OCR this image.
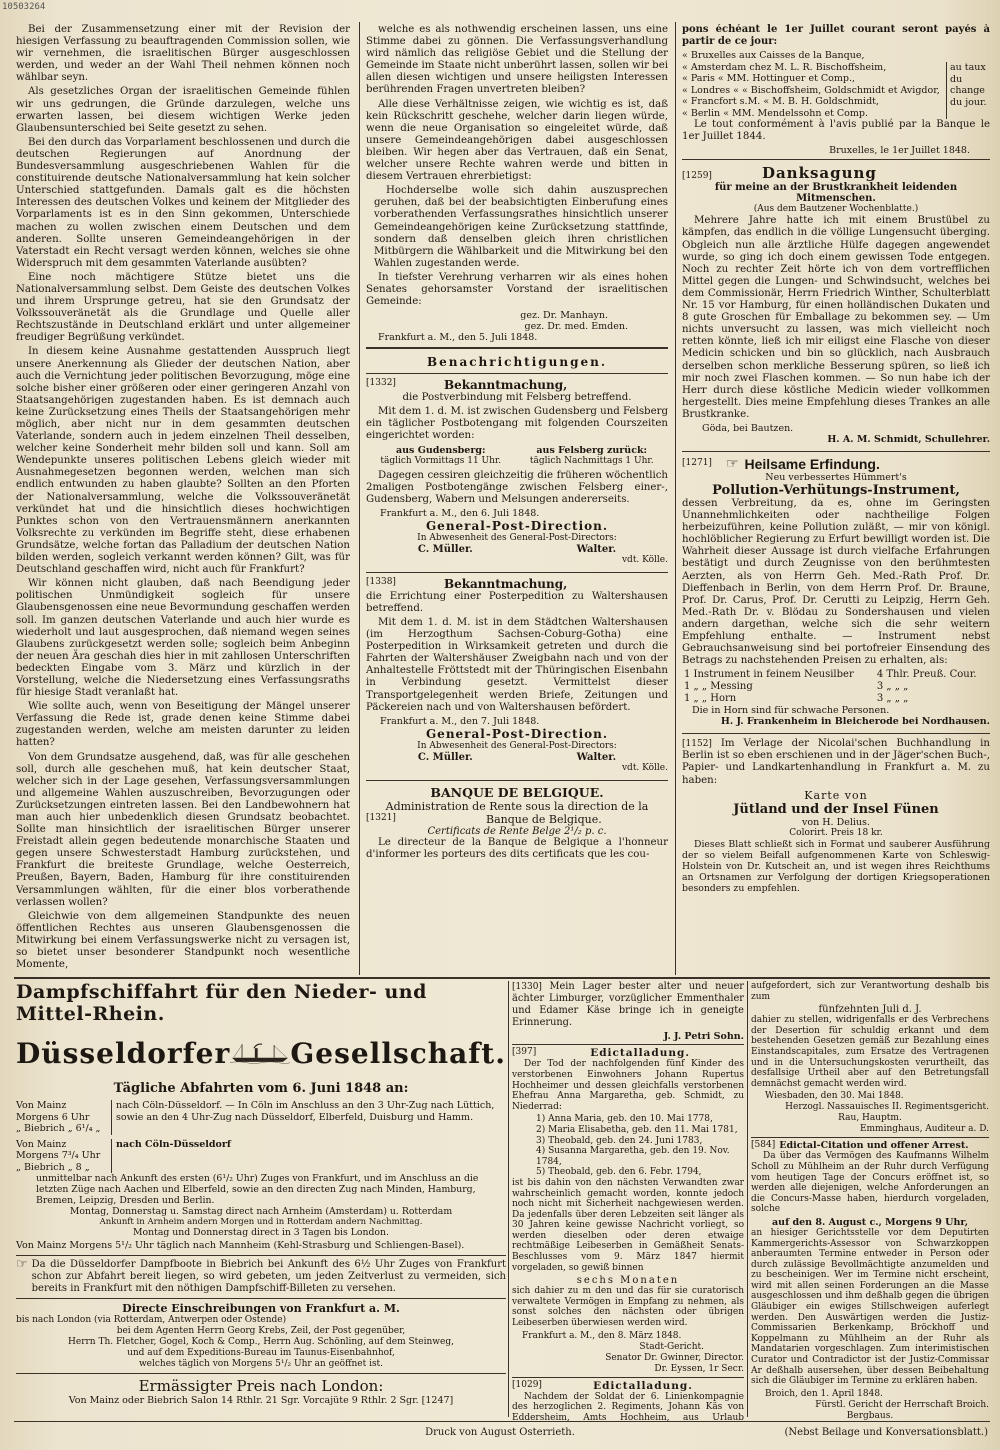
10503264

Bei der Zusammensetzung einer mit der Revision der hiesigen Verfassung zu beauftragenden Commission sollen, wie wir vernehmen, die israelitischen Bürger ausgeschlossen werden, und weder an der Wahl Theil nehmen können noch wählbar seyn.

Als gesetzliches Organ der israelitischen Gemeinde fühlen wir uns gedrungen, die Gründe darzulegen, welche uns erwarten lassen, bei diesem wichtigen Werke jeden Glaubensunterschied bei Seite gesetzt zu sehen.

Bei den durch das Vorparlament beschlossenen und durch die deutschen Regierungen auf Anordnung der Bundesversammlung ausgeschriebenen Wahlen für die constituirende deutsche Nationalversammlung hat kein solcher Unterschied stattgefunden. Damals galt es die höchsten Interessen des deutschen Volkes und keinem der Mitglieder des Vorparlaments ist es in den Sinn gekommen, Unterschiede machen zu wollen zwischen einem Deutschen und dem anderen. Sollte unseren Gemeindeangehörigen in der Vaterstadt ein Recht versagt werden können, welches sie ohne Widerspruch mit dem gesammten Vaterlande ausübten?

Eine noch mächtigere Stütze bietet uns die Nationalversammlung selbst. Dem Geiste des deutschen Volkes und ihrem Ursprunge getreu, hat sie den Grundsatz der Volkssouveränetät als die Grundlage und Quelle aller Rechtszustände in Deutschland erklärt und unter allgemeiner freudiger Begrüßung verkündet.

In diesem keine Ausnahme gestattenden Ausspruch liegt unsere Anerkennung als Glieder der deutschen Nation, aber auch die Vernichtung jeder politischen Bevorzugung, möge eine solche bisher einer größeren oder einer geringeren Anzahl von Staatsangehörigen zugestanden haben. Es ist demnach auch keine Zurücksetzung eines Theils der Staatsangehörigen mehr möglich, aber nicht nur in dem gesammten deutschen Vaterlande, sondern auch in jedem einzelnen Theil desselben, welcher keine Sonderheit mehr bilden soll und kann. Soll am Wendepunkte unseres politischen Lebens gleich wieder mit Ausnahmegesetzen begonnen werden, welchen man sich endlich entwunden zu haben glaubte? Sollten an den Pforten der Nationalversammlung, welche die Volkssouveränetät verkündet hat und die hinsichtlich dieses hochwichtigen Punktes schon von den Vertrauensmännern anerkannten Volksrechte zu verkünden im Begriffe steht, diese erhabenen Grundsätze, welche fortan das Palladium der deutschen Nation bilden werden, sogleich verkannt werden können? Gilt, was für Deutschland geschaffen wird, nicht auch für Frankfurt?

Wir können nicht glauben, daß nach Beendigung jeder politischen Unmündigkeit sogleich für unsere Glaubensgenossen eine neue Bevormundung geschaffen werden soll. Im ganzen deutschen Vaterlande und auch hier wurde es wiederholt und laut ausgesprochen, daß niemand wegen seines Glaubens zurückgesetzt werden solle; sogleich beim Anbeginn der neuen Ära geschah dies hier in mit zahllosen Unterschriften bedeckten Eingabe vom 3. März und kürzlich in der Vorstellung, welche die Niedersetzung eines Verfassungsraths für hiesige Stadt veranlaßt hat.

Wie sollte auch, wenn von Beseitigung der Mängel unserer Verfassung die Rede ist, grade denen keine Stimme dabei zugestanden werden, welche am meisten darunter zu leiden hatten?

Von dem Grundsatze ausgehend, daß, was für alle geschehen soll, durch alle geschehen muß, hat kein deutscher Staat, welcher sich in der Lage gesehen, Verfassungsversammlungen und allgemeine Wahlen auszuschreiben, Bevorzugungen oder Zurücksetzungen eintreten lassen. Bei den Landbewohnern hat man auch hier unbedenklich diesen Grundsatz beobachtet. Sollte man hinsichtlich der israelitischen Bürger unserer Freistadt allein gegen bedeutende monarchische Staaten und gegen unsere Schwesterstadt Hamburg zurückstehen, und Frankfurt die breiteste Grundlage, welche Oesterreich, Preußen, Bayern, Baden, Hamburg für ihre constituirenden Versammlungen wählten, für die einer blos vorberathende verlassen wollen?

Gleichwie von dem allgemeinen Standpunkte des neuen öffentlichen Rechtes aus unseren Glaubensgenossen die Mitwirkung bei einem Verfassungswerke nicht zu versagen ist, so bietet unser besonderer Standpunkt noch wesentliche Momente,

welche es als nothwendig erscheinen lassen, uns eine Stimme dabei zu gönnen. Die Verfassungsverhandlung wird nämlich das religiöse Gebiet und die Stellung der Gemeinde im Staate nicht unberührt lassen, sollen wir bei allen diesen wichtigen und unsere heiligsten Interessen berührenden Fragen unvertreten bleiben?

Alle diese Verhältnisse zeigen, wie wichtig es ist, daß kein Rückschritt geschehe, welcher darin liegen würde, wenn die neue Organisation so eingeleitet würde, daß unsere Gemeindeangehörigen dabei ausgeschlossen bleiben. Wir hegen aber das Vertrauen, daß ein Senat, welcher unsere Rechte wahren werde und bitten in diesem Vertrauen ehrerbietigst:

Hochderselbe wolle sich dahin auszusprechen geruhen, daß bei der beabsichtigten Einberufung eines vorberathenden Verfassungsrathes hinsichtlich unserer Gemeindeangehörigen keine Zurücksetzung stattfinde, sondern daß denselben gleich ihren christlichen Mitbürgern die Wählbarkeit und die Mitwirkung bei den Wahlen zugestanden werde.

In tiefster Verehrung verharren wir als eines hohen Senates gehorsamster Vorstand der israelitischen Gemeinde:

gez. Dr. Manhayn.
gez. Dr. med. Emden.
Frankfurt a. M., den 5. Juli 1848.
Benachrichtigungen.
[1332]	Bekanntmachung,
die Postverbindung mit Felsberg betreffend.

Mit dem 1. d. M. ist zwischen Gudensberg und Felsberg ein täglicher Postbotengang mit folgenden Courszeiten eingerichtet worden:

aus Gudensberg:
täglich Vormittags 11 Uhr.
aus Felsberg zurück:
täglich Nachmittags 1 Uhr.

Dagegen cessiren gleichzeitig die früheren wöchentlich 2maligen Postbotengänge zwischen Felsberg einer-, Gudensberg, Wabern und Melsungen andererseits.

Frankfurt a. M., den 6. Juli 1848.
General-Post-Direction.
In Abwesenheit des General-Post-Directors:
C. Müller.	Walter.
vdt. Kölle.
[1338]	Bekanntmachung,
die Errichtung einer Posterpedition zu Waltershausen betreffend.

Mit dem 1. d. M. ist in dem Städtchen Waltershausen (im Herzogthum Sachsen-Coburg-Gotha) eine Posterpedition in Wirksamkeit getreten und durch die Fahrten der Waltershäuser Zweigbahn nach und von der Anhaltestelle Fröttstedt mit der Thüringischen Eisenbahn in Verbindung gesetzt. Vermittelst dieser Transportgelegenheit werden Briefe, Zeitungen und Päckereien nach und von Waltershausen befördert.

Frankfurt a. M., den 7. Juli 1848.
General-Post-Direction.
In Abwesenheit des General-Post-Directors:
C. Müller.	Walter.
vdt. Kölle.
BANQUE DE BELGIQUE.
Administration de Rente sous la direction de la
[1321]	Banque de Belgique.
Certificats de Rente Belge 2¹/₂ p. c.

Le directeur de la Banque de Belgique a l'honneur d'informer les porteurs des dits certificats que les cou-

pons échéant le 1er Juillet courant seront payés à partir de ce jour:

« Bruxelles aux Caisses de la Banque,
« Amsterdam chez M. L. R. Bischoffsheim,
« Paris « MM. Hottinguer et Comp.,
« Londres « « Bischoffsheim, Goldschmidt et Avigdor,
« Francfort s.M. « M. B. H. Goldschmidt,
« Berlin « MM. Mendelssohn et Comp.
au taux du change du jour.

Le tout conformément à l'avis publié par la Banque le 1er Juillet 1844.

Bruxelles, le 1er Juillet 1848.
[1259]	Danksagung
für meine an der Brustkrankheit leidenden Mitmenschen.
(Aus dem Bautzener Wochenblatte.)

Mehrere Jahre hatte ich mit einem Brustübel zu kämpfen, das endlich in die völlige Lungensucht überging. Obgleich nun alle ärztliche Hülfe dagegen angewendet wurde, so ging ich doch einem gewissen Tode entgegen. Noch zu rechter Zeit hörte ich von dem vortrefflichen Mittel gegen die Lungen- und Schwindsucht, welches bei dem Commissionär, Herrn Friedrich Winther, Schulterblatt Nr. 15 vor Hamburg, für einen holländischen Dukaten und 8 gute Groschen für Emballage zu bekommen sey. — Um nichts unversucht zu lassen, was mich vielleicht noch retten könnte, ließ ich mir eiligst eine Flasche von dieser Medicin schicken und bin so glücklich, nach Ausbrauch derselben schon merkliche Besserung spüren, so ließ ich mir noch zwei Flaschen kommen. — So nun habe ich der Herr durch diese köstliche Medicin wieder vollkommen hergestellt. Dies meine Empfehlung dieses Trankes an alle Brustkranke.

Göda, bei Bautzen.
H. A. M. Schmidt, Schullehrer.
[1271] ☞ Heilsame Erfindung.
Neu verbessertes Hümmert's
Pollution-Verhütungs-Instrument,

dessen Verbreitung, da es, ohne im Geringsten Unannehmlichkeiten oder nachtheilige Folgen herbeizuführen, keine Pollution zuläßt, — mir von königl. hochlöblicher Regierung zu Erfurt bewilligt worden ist. Die Wahrheit dieser Aussage ist durch vielfache Erfahrungen bestätigt und durch Zeugnisse von den berühmtesten Aerzten, als von Herrn Geh. Med.-Rath Prof. Dr. Dieffenbach in Berlin, von dem Herrn Prof. Dr. Braune, Prof. Dr. Carus, Prof. Dr. Cerutti zu Leipzig, Herrn Geh. Med.-Rath Dr. v. Blödau zu Sondershausen und vielen andern dargethan, welche sich die sehr weitern Empfehlung enthalte. — Instrument nebst Gebrauchsanweisung sind bei portofreier Einsendung des Betrags zu nachstehenden Preisen zu erhalten, als:

1 Instrument in feinem Neusilber	4 Thlr. Preuß. Cour.
1 „ „ Messing	3 „ „ „
1 „ „ Horn	3 „ „ „
Die in Horn sind für schwache Personen.
H. J. Frankenheim in Bleicherode bei Nordhausen.

[1152] Im Verlage der Nicolai'schen Buchhandlung in Berlin ist so eben erschienen und in der Jäger'schen Buch-, Papier- und Landkartenhandlung in Frankfurt a. M. zu haben:

Karte von
Jütland und der Insel Fünen
von H. Delius.
Colorirt. Preis 18 kr.

Dieses Blatt schließt sich in Format und sauberer Ausführung der so vielem Beifall aufgenommenen Karte von Schleswig-Holstein von Dr. Kutscheit an, und ist wegen ihres Reichthums an Ortsnamen zur Verfolgung der dortigen Kriegsoperationen besonders zu empfehlen.

Dampfschiffahrt für den Nieder- und Mittel-Rhein.
Düsseldorfer Gesellschaft.
Tägliche Abfahrten vom 6. Juni 1848 an:
Von Mainz Morgens 6 Uhr
„ Biebrich „ 6¹/₄ „
nach Cöln-Düsseldorf. — In Cöln im Anschluss an den 3 Uhr-Zug nach Lüttich, sowie an den 4 Uhr-Zug nach Düsseldorf, Elberfeld, Duisburg und Hamm.
Von Mainz Morgens 7³/₄ Uhr
„ Biebrich „ 8 „
nach Cöln-Düsseldorf
unmittelbar nach Ankunft des ersten (6¹/₂ Uhr) Zuges von Frankfurt, und im Anschluss an die letzten Züge nach Aachen und Elberfeld, sowie an den directen Zug nach Minden, Hamburg, Bremen, Leipzig, Dresden und Berlin.
Montag, Donnerstag u. Samstag direct nach Arnheim (Amsterdam) u. Rotterdam
Ankunft in Arnheim andern Morgen und in Rotterdam andern Nachmittag.
Montag und Donnerstag direct in 3 Tagen bis London.
Von Mainz Morgens 5¹/₂ Uhr täglich nach Mannheim (Kehl-Strasburg und Schliengen-Basel).
☞ Da die Düsseldorfer Dampfboote in Biebrich bei Ankunft des 6½ Uhr Zuges von Frankfurt schon zur Abfahrt bereit liegen, so wird gebeten, um jeden Zeitverlust zu vermeiden, sich bereits in Frankfurt mit den nöthigen Dampfschiff-Billeten zu versehen.
Directe Einschreibungen von Frankfurt a. M.
bis nach London (via Rotterdam, Antwerpen oder Ostende)
bei dem Agenten Herrn Georg Krebs, Zeil, der Post gegenüber,
Herrn Th. Fletcher, Gogel, Koch & Comp., Herrn Aug. Schönling, auf dem Steinweg,
und auf dem Expeditions-Bureau im Taunus-Eisenbahnhof,
welches täglich von Morgens 5¹/₂ Uhr an geöffnet ist.
Ermässigter Preis nach London:
Von Mainz oder Biebrich Salon 14 Rthlr. 21 Sgr. Vorcajüte 9 Rthlr. 2 Sgr. [1247]

[1330] Mein Lager bester alter und neuer ächter Limburger, vorzüglicher Emmenthaler und Edamer Käse bringe ich in geneigte Erinnerung.

J. J. Petri Sohn.
[397]	Edictalladung.

Der Tod der nachfolgenden fünf Kinder des verstorbenen Einwohners Johann Rupertus Hochheimer und dessen gleichfalls verstorbenen Ehefrau Anna Margaretha, geb. Schmidt, zu Niederrad:

1) Anna Maria, geb. den 10. Mai 1778,
2) Maria Elisabetha, geb. den 11. Mai 1781,
3) Theobald, geb. den 24. Juni 1783,
4) Susanna Margaretha, geb. den 19. Nov. 1784,
5) Theobald, geb. den 6. Febr. 1794,

ist bis dahin von den nächsten Verwandten zwar wahrscheinlich gemacht worden, konnte jedoch noch nicht mit Sicherheit nachgewiesen werden. Da jedenfalls über deren Lebzeiten seit länger als 30 Jahren keine gewisse Nachricht vorliegt, so werden dieselben oder deren etwaige rechtmäßige Leibeserben in Gemäßheit Senats-Beschlusses vom 9. März 1847 hiermit vorgeladen, so gewiß binnen

sechs Monaten

sich dahier zu m den und das für sie curatorisch verwaltete Vermögen in Empfang zu nehmen, als sonst solches den nächsten oder übrigen Leibeserben überwiesen werden wird.

Frankfurt a. M., den 8. März 1848.
Stadt-Gericht.
Senator Dr. Gwinner, Director.
Dr. Eyssen, 1r Secr.
[1029]	Edictalladung.

Nachdem der Soldat der 6. Linienkompagnie des herzoglichen 2. Regiments, Johann Käs von Eddersheim, Amts Hochheim, aus Urlaub

aufgefordert, sich zur Verantwortung deshalb bis zum

fünfzehnten Juli d. J.

dahier zu stellen, widrigenfalls er des Verbrechens der Desertion für schuldig erkannt und dem bestehenden Gesetzen gemäß zur Bezahlung eines Einstandscapitales, zum Ersatze des Vertragenen und in die Untersuchungskosten verurtheilt, das desfallsige Urtheil aber auf den Betretungsfall demnächst gemacht werden wird.

Wiesbaden, den 30. Mai 1848.
Herzogl. Nassauisches II. Regimentsgericht.
Rau, Hauptm.
Emminghaus, Auditeur a. D.
[584] Edictal-Citation und offener Arrest.

Da über das Vermögen des Kaufmanns Wilhelm Scholl zu Mühlheim an der Ruhr durch Verfügung vom heutigen Tage der Concurs eröffnet ist, so werden alle diejenigen, welche Anforderungen an die Concurs-Masse haben, hierdurch vorgeladen, solche

auf den 8. August c., Morgens 9 Uhr,

an hiesiger Gerichtsstelle vor dem Deputirten Kammergerichts-Assessor von Schwarzkoppen anberaumten Termine entweder in Person oder durch zulässige Bevollmächtigte anzumelden und zu bescheinigen. Wer im Termine nicht erscheint, wird mit allen seinen Forderungen an die Masse ausgeschlossen und ihm deßhalb gegen die übrigen Gläubiger ein ewiges Stillschweigen auferlegt werden. Den Auswärtigen werden die Justiz-Commissarien Berkenkamp, Bröckhoff und Koppelmann zu Mühlheim an der Ruhr als Mandatarien vorgeschlagen. Zum interimistischen Curator und Contradictor ist der Justiz-Commissar Ar deßhalb ausersehen, über dessen Beibehaltung sich die Gläubiger im Termine zu erklären haben.

Broich, den 1. April 1848.
Fürstl. Gericht der Herrschaft Broich.
Bergbaus.
Druck von August Osterrieth.	(Nebst Beilage und Konversationsblatt.)
